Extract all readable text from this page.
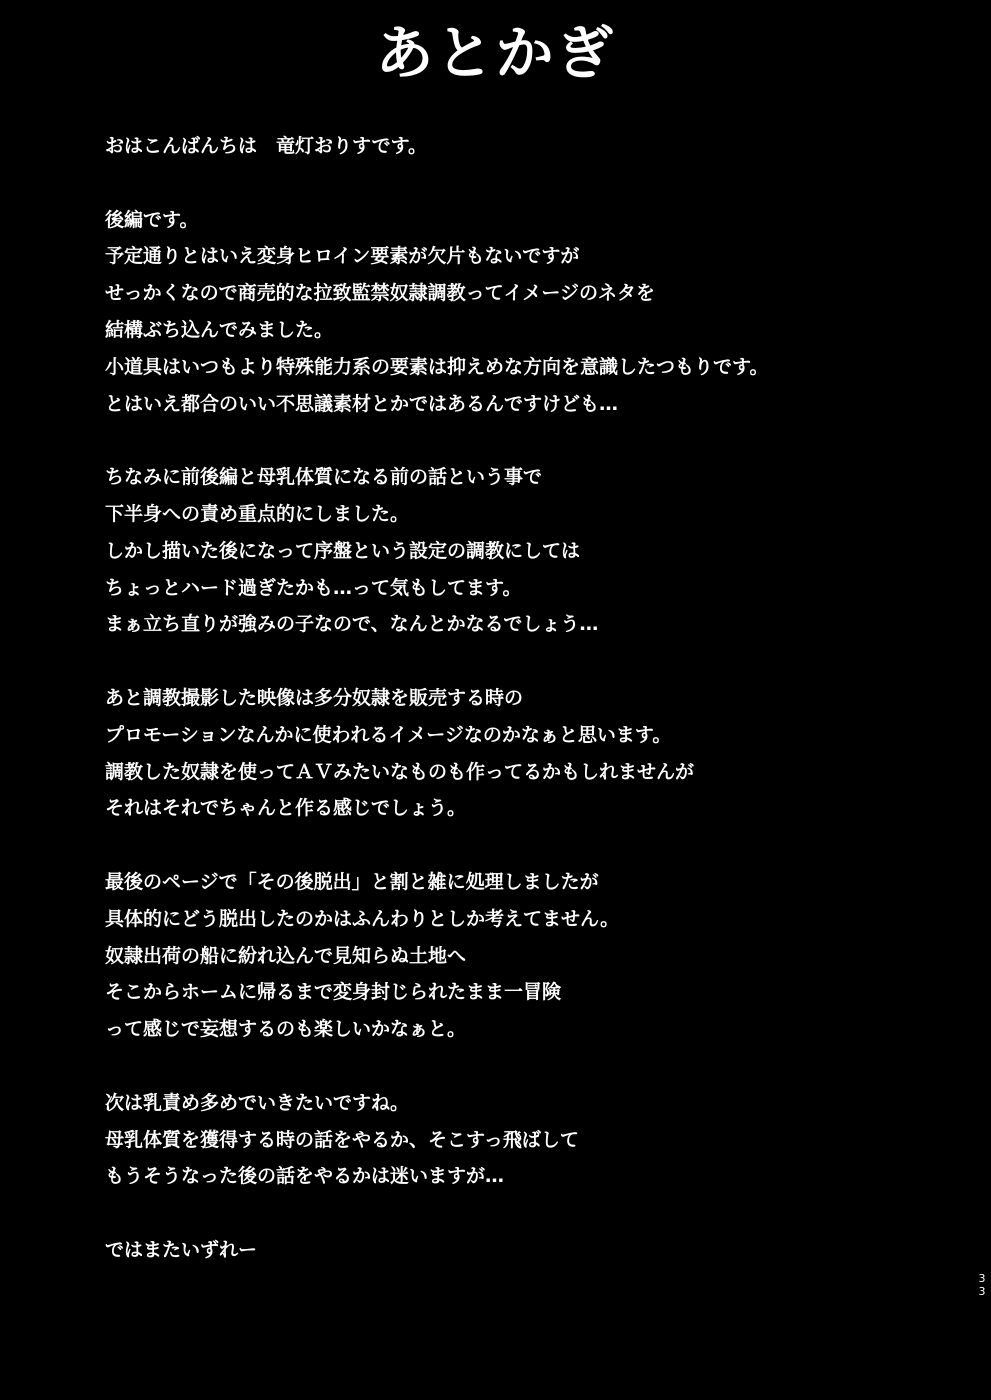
あとかぎ
おはこんばんちは　竜灯おりすです。
後編です。
予定通りとはいえ変身ヒロイン要素が欠片もないですが
せっかくなので商売的な拉致監禁奴隷調教ってイメージのネタを
結構ぶち込んでみました。
小道具はいつもより特殊能力系の要素は抑えめな方向を意識したつもりです。
とはいえ都合のいい不思議素材とかではあるんですけども…
ちなみに前後編と母乳体質になる前の話という事で
下半身への責め重点的にしました。
しかし描いた後になって序盤という設定の調教にしては
ちょっとハード過ぎたかも…って気もしてます。
まぁ立ち直りが強みの子なので、なんとかなるでしょう…
あと調教撮影した映像は多分奴隷を販売する時の
プロモーションなんかに使われるイメージなのかなぁと思います。
調教した奴隷を使ってＡＶみたいなものも作ってるかもしれませんが
それはそれでちゃんと作る感じでしょう。
最後のページで「その後脱出」と割と雑に処理しましたが
具体的にどう脱出したのかはふんわりとしか考えてません。
奴隷出荷の船に紛れ込んで見知らぬ土地へ
そこからホームに帰るまで変身封じられたまま一冒険
って感じで妄想するのも楽しいかなぁと。
次は乳責め多めでいきたいですね。
母乳体質を獲得する時の話をやるか、そこすっ飛ばして
もうそうなった後の話をやるかは迷いますが…
ではまたいずれー
3
3
